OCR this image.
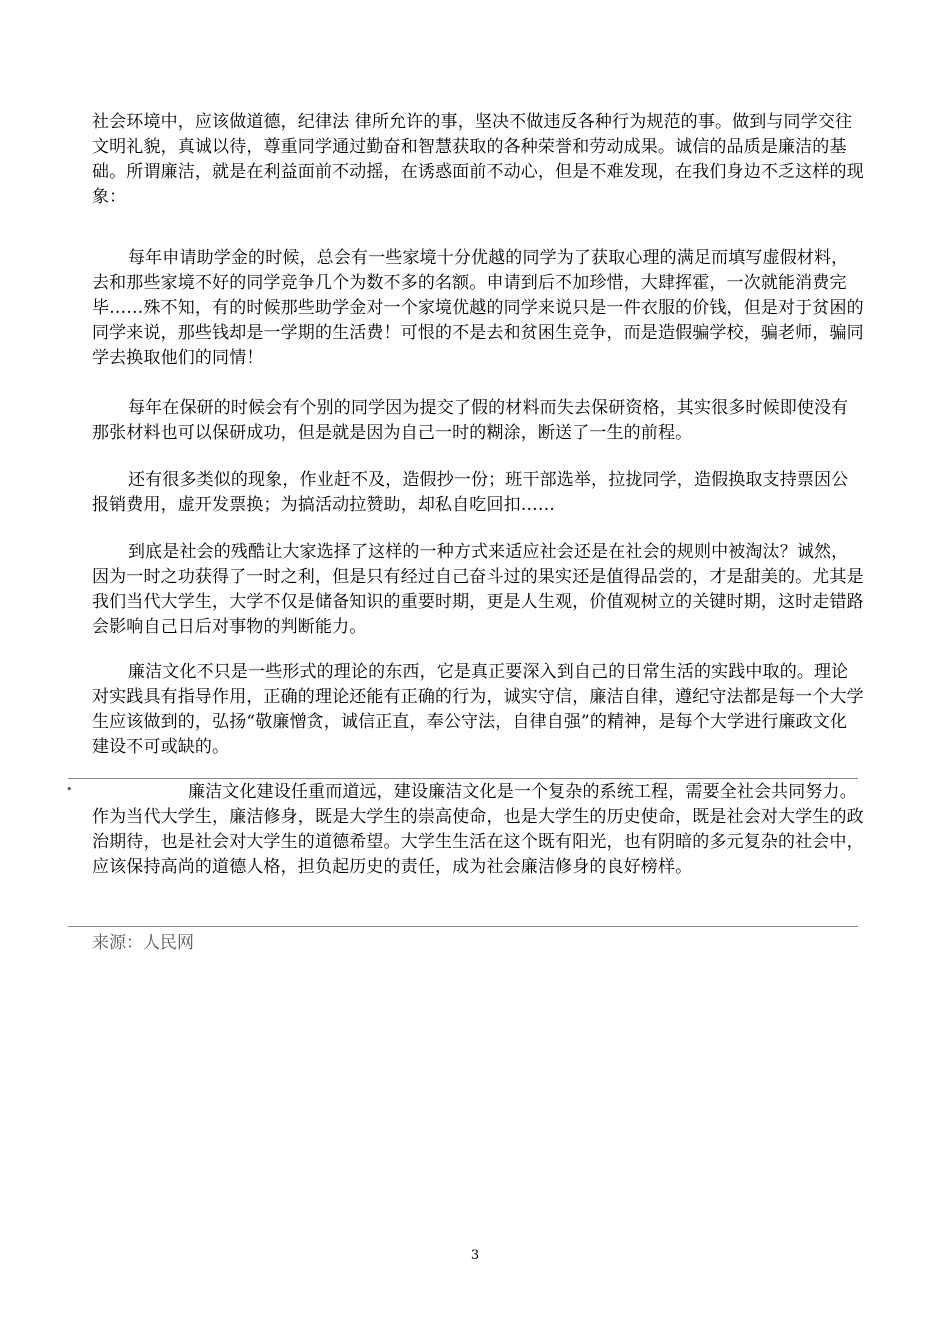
社会环境中，应该做道德，纪律法 律所允许的事，坚决不做违反各种行为规范的事。做到与同学交往文明礼貌，真诚以待，尊重同学通过勤奋和智慧获取的各种荣誉和劳动成果。诚信的品质是廉洁的基础。所谓廉洁，就是在利益面前不动摇，在诱惑面前不动心，但是不难发现，在我们身边不乏这样的现象：

每年申请助学金的时候，总会有一些家境十分优越的同学为了获取心理的满足而填写虚假材料，去和那些家境不好的同学竞争几个为数不多的名额。申请到后不加珍惜，大肆挥霍，一次就能消费完毕……殊不知，有的时候那些助学金对一个家境优越的同学来说只是一件衣服的价钱，但是对于贫困的同学来说，那些钱却是一学期的生活费！可恨的不是去和贫困生竞争，而是造假骗学校，骗老师，骗同学去换取他们的同情！

每年在保研的时候会有个别的同学因为提交了假的材料而失去保研资格，其实很多时候即使没有那张材料也可以保研成功，但是就是因为自己一时的糊涂，断送了一生的前程。

还有很多类似的现象，作业赶不及，造假抄一份；班干部选举，拉拢同学，造假换取支持票因公报销费用，虚开发票换；为搞活动拉赞助，却私自吃回扣……

到底是社会的残酷让大家选择了这样的一种方式来适应社会还是在社会的规则中被淘汰？诚然，因为一时之功获得了一时之利，但是只有经过自己奋斗过的果实还是值得品尝的，才是甜美的。尤其是我们当代大学生，大学不仅是储备知识的重要时期，更是人生观，价值观树立的关键时期，这时走错路会影响自己日后对事物的判断能力。

廉洁文化不只是一些形式的理论的东西，它是真正要深入到自己的日常生活的实践中取的。理论对实践具有指导作用，正确的理论还能有正确的行为，诚实守信，廉洁自律，遵纪守法都是每一个大学生应该做到的，弘扬“敬廉憎贪，诚信正直，奉公守法，自律自强”的精神，是每个大学进行廉政文化建设不可或缺的。

•	廉洁文化建设任重而道远，建设廉洁文化是一个复杂的系统工程，需要全社会共同努力。作为当代大学生，廉洁修身，既是大学生的崇高使命，也是大学生的历史使命，既是社会对大学生的政治期待，也是社会对大学生的道德希望。大学生生活在这个既有阳光，也有阴暗的多元复杂的社会中，应该保持高尚的道德人格，担负起历史的责任，成为社会廉洁修身的良好榜样。

来源：人民网
3
